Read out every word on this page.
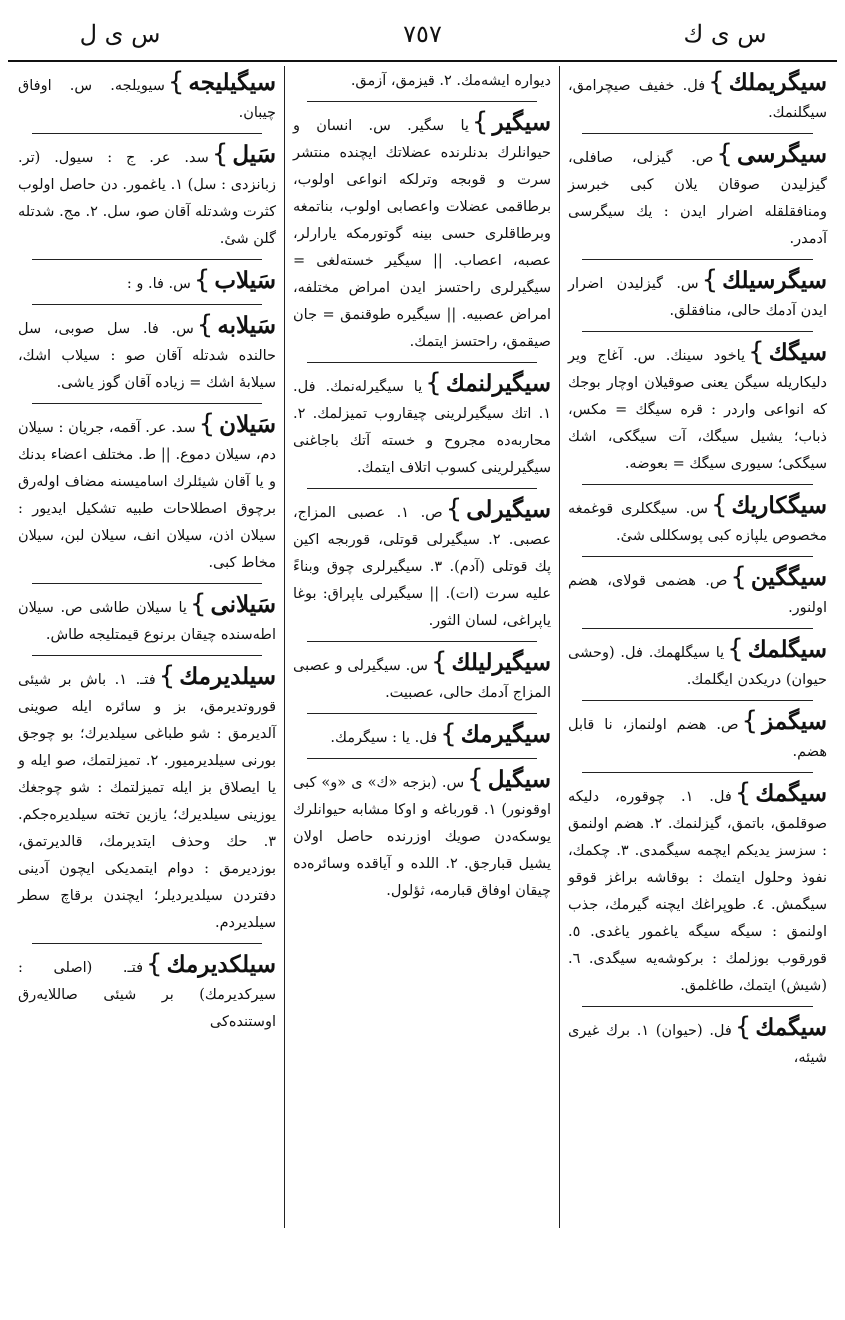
س ی ك
٧٥٧
س ی ل
سیگریملك}فل. خفیف صیچرا‌مق، سیگلنمك.
سیگرسی}ص. گیزلی، صافلی، گیزلیدن صوقان یلان کبی خبرسز ومنافقلقله اضرار ایدن : یك سیگرسی آدمدر.
سیگرسیلك}س. گیزلیدن اضرار ایدن آدمك حالی، منافقلق.
سیگك}یاخود سینك. س. آغاج ویر دلیکاریله سیگن یعنی صوقیلان اوچار بوجك که انواعی واردر : قره سیگك = مکس، ذباب؛ یشیل سیگك، آت سیگکی، اشك سیگکی؛ سیوری سیگك = بعوضه.
سیگکاریك}س. سیگکلری قوغمغه مخصوص یلپازه کبی پوسکللی شیٔ.
سیگگین}ص. هضمی قولای، هضم اولنور.
سیگلمك}یا سیگلهمك. فل. (وحشی حیوان) دریکدن ایگلمك.
سیگمز}ص. هضم اولنماز، نا قابل هضم.
سیگمك}فل. ١. چوقوره، دلیکه صوقلمق، باتمق، گیزلنمك. ٢. هضم اولنمق : سزسز یدیکم ایچمه سیگمدی. ٣. چکمك، نفوذ وحلول ایتمك : بوقاشه براغز قوقو سیگمش. ٤. طوپراغك ایچنه گیرمك، جذب اولنمق : سیگه سیگه یاغمور یاغدی. ٥. قورقوب بوزلمك : برکوشه‌یه سیگدی. ٦. (شیش) ایتمك، طاغلمق.
سیگمك}فل. (حیوان) ١. برك غیری شیئه،
دیواره ایشه‌مك. ٢. قیزمق، آزمق.
سیگیر}یا سگیر. س. انسان و حیوانلرك بدنلرنده عضلاتك ایچنده منتشر سرت و قوبجه وترلکه انواعی اولوب، برطاقمی عضلات واعصابی اولوب، بناتمغه وبرطاقلری حسی بینه گوتورمکه یارارلر، عصبه، اعصاب. || سیگیر خسته‌لغی = سیگیرلری راحتسز ایدن امراض مختلفه، امراض عصبیه. || سیگیره طوقنمق = جان صیقمق، راحتسز ایتمك.
سیگیرلنمك}یا سیگیرله‌نمك. فل. ١. اتك سیگیرلرینی چیقاروب تمیزلمك. ٢. محاربه‌ده مجروح و خسته آتك باجاغنی سیگیرلرینی کسوب اتلاف ایتمك.
سیگیرلی}ص. ١. عصبی المزاج، عصبی. ٢. سیگیرلی قوتلی، قوربجه اکین پك قوتلی (آدم). ٣. سیگیرلری چوق وبناءً علیه سرت (ات). || سیگیرلی یاپراق: بوغا یاپراغی، لسان الثور.
سیگیرلیلك}س. سیگیرلی و عصبی المزاج آدمك حالی، عصبیت.
سیگیرمك}فل. یا : سیگرمك.
سیگیل}س. (بزجه «ك» ی «و» کبی اوقونور) ١. قورباغه و اوکا مشابه حیوانلرك یوسکه‌دن صویك اوزرنده حاصل اولان یشیل قبارجق. ٢. اللده و آیاقده وسائره‌ده چیقان اوفاق قبارمه، ثؤلول.
سیگیلیجه}سیویلجه. س. اوفاق چیبان.
سَیل}سد. عر. ج : سیول. (تر. زبانزدی : سل) ١. یاغمور. دن حاصل اولوب کثرت وشدتله آقان صو، سل. ٢. مج. شدتله گلن شیٔ.
سَیلاب}س. فا. و :
سَیلابه}س. فا. سل صوبی، سل حالنده شدتله آقان صو : سیلاب اشك، سیلابهٔ اشك = زیاده آقان گوز یاشی.
سَیلان}سد. عر. آقمه، جریان : سیلان دم، سیلان دموع. || ط. مختلف اعضاء بدنك و یا آقان شیئلرك اسامیسنه مضاف اوله‌رق برچوق اصطلاحات طبیه تشکیل ایدیور : سیلان اذن، سیلان انف، سیلان لبن، سیلان مخاط کبی.
سَیلانی}یا سیلان طاشی ص. سیلان اطه‌سنده چیقان برنوع قیمتلیجه طاش.
سیلدیرمك}فتـ. ١. باش بر شیئی قوروتدیرمق، بز و سائره ایله صوینی آلدیرمق : شو طباغی سیلدیرك؛ بو چوجق بورنی سیلدیرمیور. ٢. تمیزلتمك، صو ایله و یا ایصلاق بز ایله تمیزلتمك : شو چوجغك یوزینی سیلدیرك؛ یازین تخته سیلدیره‌جکم. ٣. حك وحذف ایتدیرمك، قالدیرتمق، بوزدیرمق : دوام ایتمدیکی ایچون آدینی دفتردن سیلدیردیلر؛ ایچندن برقاچ سطر سیلدیردم.
سیلکدیرمك}فتـ. (اصلی : سیرکدیرمك) بر شیئی صاللایه‌رق اوستنده‌کی
